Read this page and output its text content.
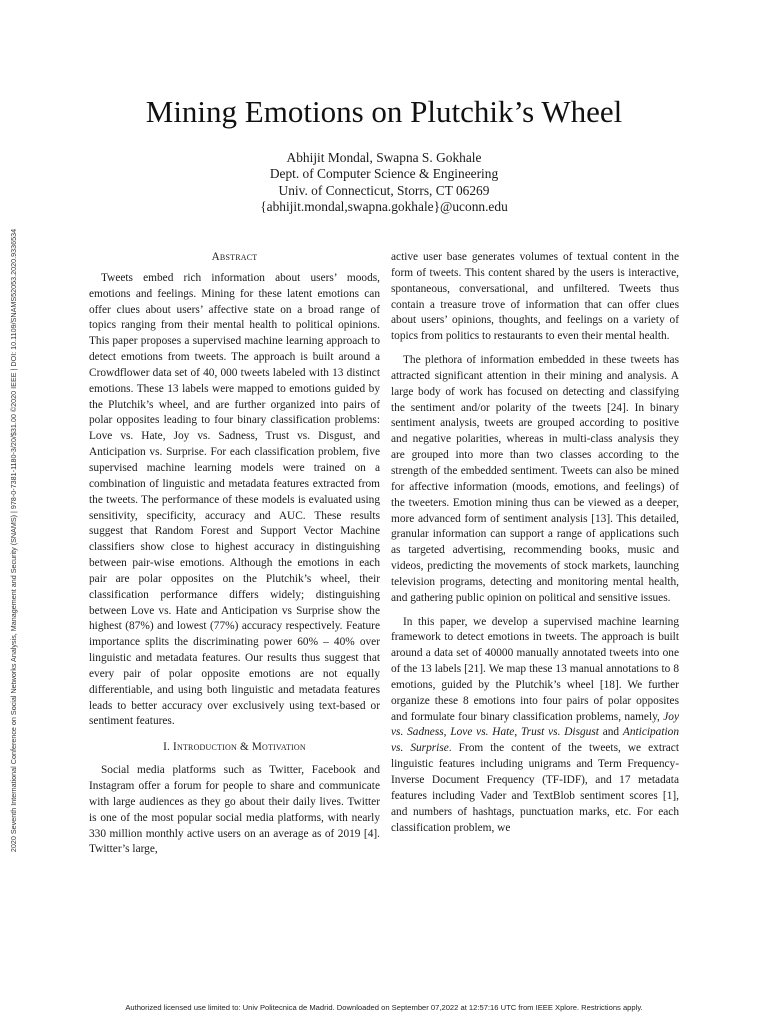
2020 Seventh International Conference on Social Networks Analysis, Management and Security (SNAMS) | 978-0-7381-1180-3/20/$31.00 ©2020 IEEE | DOI: 10.1109/SNAMS52053.2020.9336534
Mining Emotions on Plutchik’s Wheel
Abhijit Mondal, Swapna S. Gokhale
Dept. of Computer Science & Engineering
Univ. of Connecticut, Storrs, CT 06269
{abhijit.mondal,swapna.gokhale}@uconn.edu
Abstract

Tweets embed rich information about users’ moods, emotions and feelings. Mining for these latent emotions can offer clues about users’ affective state on a broad range of topics ranging from their mental health to political opinions. This paper proposes a supervised machine learning approach to detect emotions from tweets. The approach is built around a Crowdflower data set of 40, 000 tweets labeled with 13 distinct emotions. These 13 labels were mapped to emotions guided by the Plutchik’s wheel, and are further organized into pairs of polar opposites leading to four binary classification problems: Love vs. Hate, Joy vs. Sadness, Trust vs. Disgust, and Anticipation vs. Surprise. For each classification problem, five supervised machine learning models were trained on a combination of linguistic and metadata features extracted from the tweets. The performance of these models is evaluated using sensitivity, specificity, accuracy and AUC. These results suggest that Random Forest and Support Vector Machine classifiers show close to highest accuracy in distinguishing between pair-wise emotions. Although the emotions in each pair are polar opposites on the Plutchik’s wheel, their classification performance differs widely; distinguishing between Love vs. Hate and Anticipation vs Surprise show the highest (87%) and lowest (77%) accuracy respectively. Feature importance splits the discriminating power 60% – 40% over linguistic and metadata features. Our results thus suggest that every pair of polar opposite emotions are not equally differentiable, and using both linguistic and metadata features leads to better accuracy over exclusively using text-based or sentiment features.

I. Introduction & Motivation

Social media platforms such as Twitter, Facebook and Instagram offer a forum for people to share and communicate with large audiences as they go about their daily lives. Twitter is one of the most popular social media platforms, with nearly 330 million monthly active users on an average as of 2019 [4]. Twitter’s large,

active user base generates volumes of textual content in the form of tweets. This content shared by the users is interactive, spontaneous, conversational, and unfiltered. Tweets thus contain a treasure trove of information that can offer clues about users’ opinions, thoughts, and feelings on a variety of topics from politics to restaurants to even their mental health.

The plethora of information embedded in these tweets has attracted significant attention in their mining and analysis. A large body of work has focused on detecting and classifying the sentiment and/or polarity of the tweets [24]. In binary sentiment analysis, tweets are grouped according to positive and negative polarities, whereas in multi-class analysis they are grouped into more than two classes according to the strength of the embedded sentiment. Tweets can also be mined for affective information (moods, emotions, and feelings) of the tweeters. Emotion mining thus can be viewed as a deeper, more advanced form of sentiment analysis [13]. This detailed, granular information can support a range of applications such as targeted advertising, recommending books, music and videos, predicting the movements of stock markets, launching television programs, detecting and monitoring mental health, and gathering public opinion on political and sensitive issues.

In this paper, we develop a supervised machine learning framework to detect emotions in tweets. The approach is built around a data set of 40000 manually annotated tweets into one of the 13 labels [21]. We map these 13 manual annotations to 8 emotions, guided by the Plutchik’s wheel [18]. We further organize these 8 emotions into four pairs of polar opposites and formulate four binary classification problems, namely, Joy vs. Sadness, Love vs. Hate, Trust vs. Disgust and Anticipation vs. Surprise. From the content of the tweets, we extract linguistic features including unigrams and Term Frequency-Inverse Document Frequency (TF-IDF), and 17 metadata features including Vader and TextBlob sentiment scores [1], and numbers of hashtags, punctuation marks, etc. For each classification problem, we

Authorized licensed use limited to: Univ Politecnica de Madrid. Downloaded on September 07,2022 at 12:57:16 UTC from IEEE Xplore. Restrictions apply.
